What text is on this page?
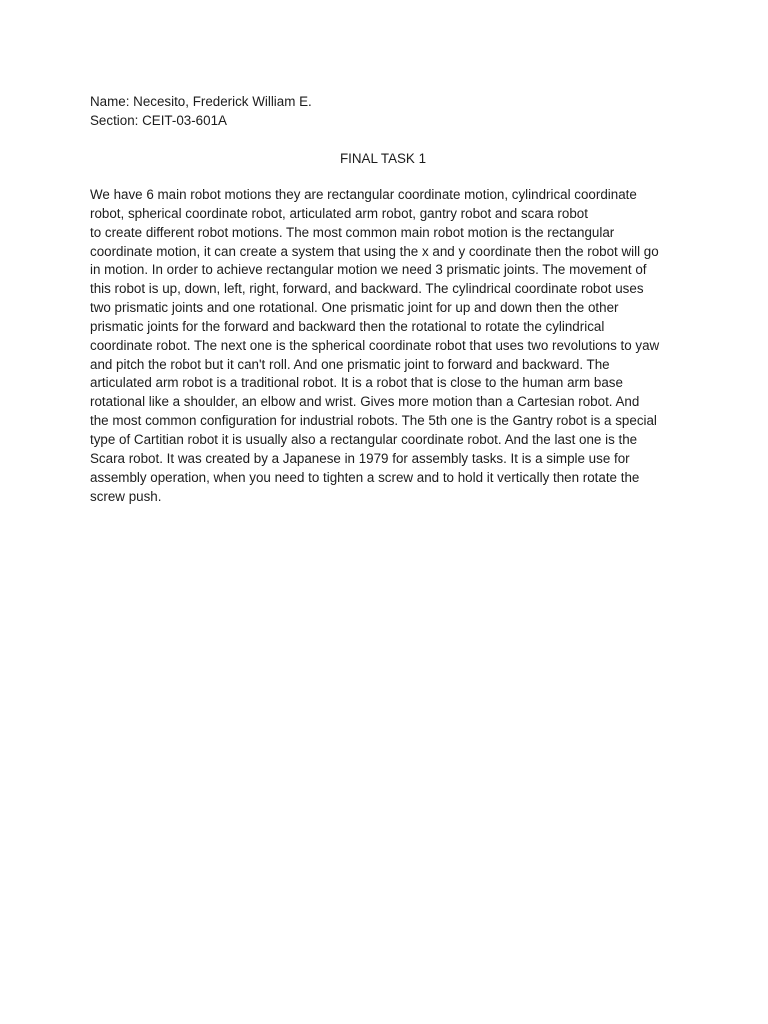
Name: Necesito, Frederick William E.
Section: CEIT-03-601A
FINAL TASK 1
We have 6 main robot motions they are rectangular coordinate motion, cylindrical coordinate
robot, spherical coordinate robot, articulated arm robot, gantry robot and scara robot
to create different robot motions. The most common main robot motion is the rectangular
coordinate motion, it can create a system that using the x and y coordinate then the robot will go
in motion. In order to achieve rectangular motion we need 3 prismatic joints. The movement of
this robot is up, down, left, right, forward, and backward. The cylindrical coordinate robot uses
two prismatic joints and one rotational. One prismatic joint for up and down then the other
prismatic joints for the forward and backward then the rotational to rotate the cylindrical
coordinate robot. The next one is the spherical coordinate robot that uses two revolutions to yaw
and pitch the robot but it can't roll. And one prismatic joint to forward and backward. The
articulated arm robot is a traditional robot. It is a robot that is close to the human arm base
rotational like a shoulder, an elbow and wrist. Gives more motion than a Cartesian robot. And
the most common configuration for industrial robots. The 5th one is the Gantry robot is a special
type of Cartitian robot it is usually also a rectangular coordinate robot. And the last one is the
Scara robot. It was created by a Japanese in 1979 for assembly tasks. It is a simple use for
assembly operation, when you need to tighten a screw and to hold it vertically then rotate the
screw push.
